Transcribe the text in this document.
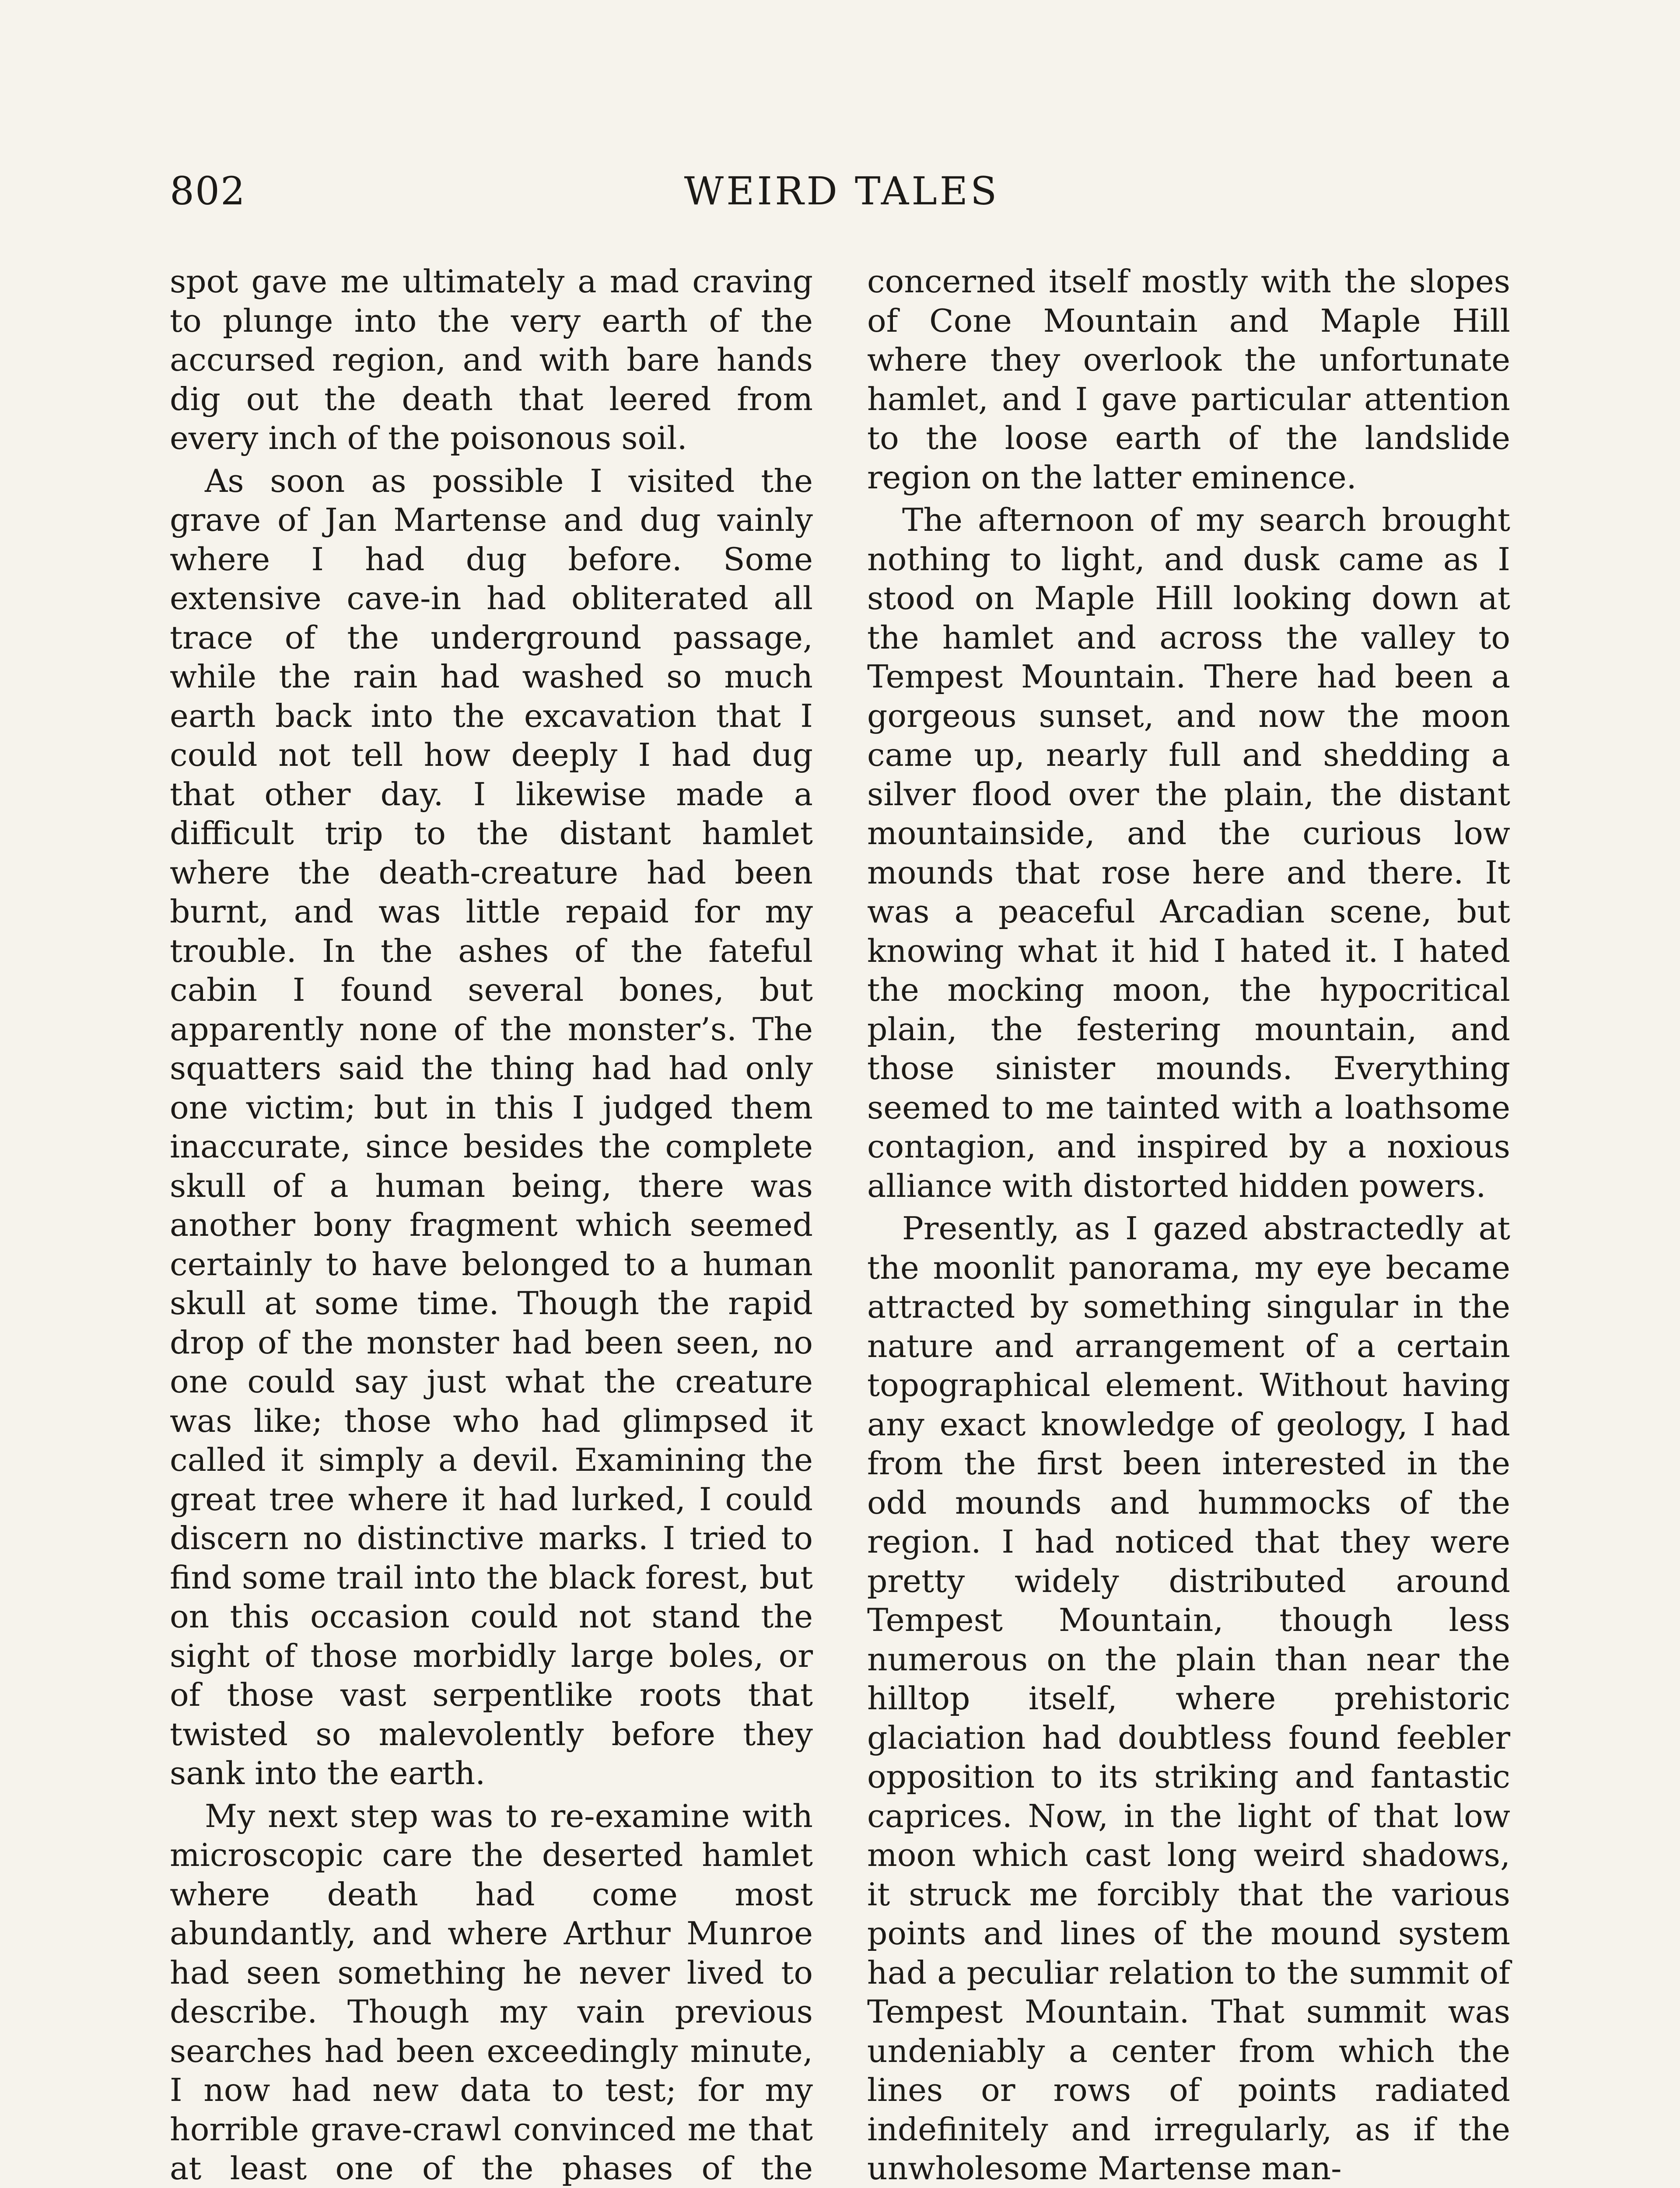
802	WEIRD TALES

spot gave me ultimately a mad craving to plunge into the very earth of the accursed region, and with bare hands dig out the death that leered from every inch of the poisonous soil.

As soon as possible I visited the grave of Jan Martense and dug vainly where I had dug before. Some extensive cave-in had obliterated all trace of the underground passage, while the rain had washed so much earth back into the excavation that I could not tell how deeply I had dug that other day. I likewise made a difficult trip to the distant hamlet where the death-creature had been burnt, and was little repaid for my trouble. In the ashes of the fateful cabin I found several bones, but apparently none of the monster’s. The squatters said the thing had had only one victim; but in this I judged them inaccurate, since besides the complete skull of a human being, there was another bony fragment which seemed certainly to have belonged to a human skull at some time. Though the rapid drop of the monster had been seen, no one could say just what the creature was like; those who had glimpsed it called it simply a devil. Examining the great tree where it had lurked, I could discern no distinctive marks. I tried to find some trail into the black forest, but on this occasion could not stand the sight of those morbidly large boles, or of those vast serpentlike roots that twisted so malevolently before they sank into the earth.

My next step was to re-examine with microscopic care the deserted hamlet where death had come most abundantly, and where Arthur Munroe had seen something he never lived to describe. Though my vain previous searches had been exceedingly minute, I now had new data to test; for my horrible grave-crawl convinced me that at least one of the phases of the

concerned itself mostly with the slopes of Cone Mountain and Maple Hill where they overlook the unfortunate hamlet, and I gave particular attention to the loose earth of the landslide region on the latter eminence.

The afternoon of my search brought nothing to light, and dusk came as I stood on Maple Hill looking down at the hamlet and across the valley to Tempest Mountain. There had been a gorgeous sunset, and now the moon came up, nearly full and shedding a silver flood over the plain, the distant mountainside, and the curious low mounds that rose here and there. It was a peaceful Arcadian scene, but knowing what it hid I hated it. I hated the mocking moon, the hypocritical plain, the festering mountain, and those sinister mounds. Everything seemed to me tainted with a loathsome contagion, and inspired by a noxious alliance with distorted hidden powers.

Presently, as I gazed abstractedly at the moonlit panorama, my eye became attracted by something singular in the nature and arrangement of a certain topographical element. Without having any exact knowledge of geology, I had from the first been interested in the odd mounds and hummocks of the region. I had noticed that they were pretty widely distributed around Tempest Mountain, though less numerous on the plain than near the hilltop itself, where prehistoric glaciation had doubtless found feebler opposition to its striking and fantastic caprices. Now, in the light of that low moon which cast long weird shadows, it struck me forcibly that the various points and lines of the mound system had a peculiar relation to the summit of Tempest Mountain. That summit was undeniably a center from which the lines or rows of points radiated indefinitely and irregularly, as if the unwholesome Martense man-
